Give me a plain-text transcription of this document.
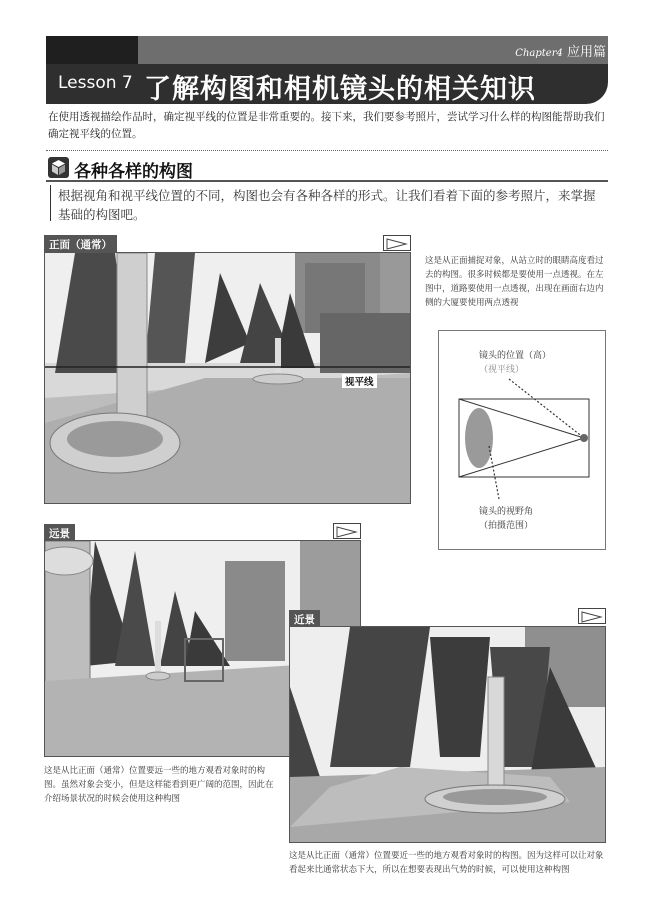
Chapter4 应用篇
Lesson 7 了解构图和相机镜头的相关知识
在使用透视描绘作品时，确定视平线的位置是非常重要的。接下来，我们要参考照片，尝试学习什么样的构图能帮助我们确定视平线的位置。
各种各样的构图
根据视角和视平线位置的不同，构图也会有各种各样的形式。让我们看着下面的参考照片，来掌握基础的构图吧。
正面（通常）
视平线
这是从正面捕捉对象，从站立时的眼睛高度看过去的构图。很多时候都是要使用一点透视。在左图中，道路要使用一点透视，出现在画面右边内侧的大厦要使用两点透视
镜头的位置（高）
（视平线）
镜头的视野角
（拍摄范围）
远景
这是从比正面（通常）位置要远一些的地方观看对象时的构图。虽然对象会变小，但是这样能看到更广阔的范围，因此在介绍场景状况的时候会使用这种构图
近景
这是从比正面（通常）位置要近一些的地方观看对象时的构图。因为这样可以让对象看起来比通常状态下大，所以在想要表现出气势的时候，可以使用这种构图
